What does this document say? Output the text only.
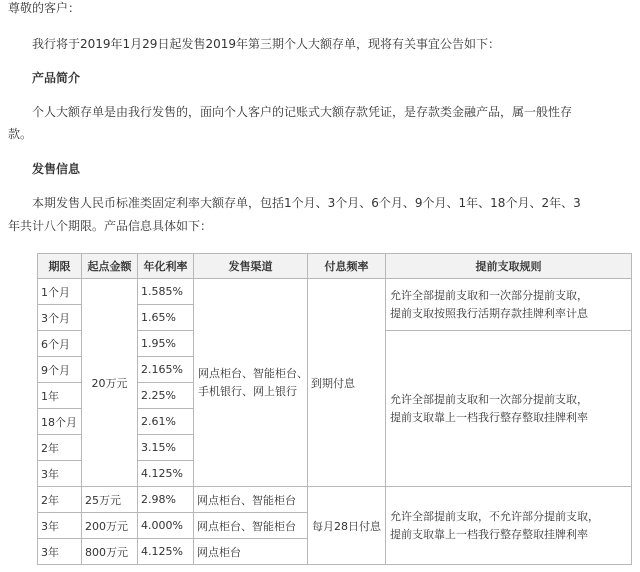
尊敬的客户：
我行将于2019年1月29日起发售2019年第三期个人大额存单，现将有关事宜公告如下：
产品简介
个人大额存单是由我行发售的，面向个人客户的记账式大额存款凭证，是存款类金融产品，属一般性存
款。
发售信息
本期发售人民币标准类固定利率大额存单，包括1个月、3个月、6个月、9个月、1年、18个月、2年、3
年共计八个期限。产品信息具体如下：
期限	起点金额	年化利率	发售渠道	付息频率	提前支取规则
1个月	20万元	1.585%	网点柜台、智能柜台、
手机银行、网上银行	到期付息	允许全部提前支取和一次部分提前支取，
提前支取按照我行活期存款挂牌利率计息

3个月		1.65%			
6个月		1.95%			允许全部提前支取和一次部分提前支取，
提前支取靠上一档我行整存整取挂牌利率

9个月		2.165%			
1年		2.25%			
18个月		2.61%			
2年		3.15%			
3年		4.125%			
2年	25万元	2.98%	网点柜台、智能柜台	每月28日付息	允许全部提前支取，不允许部分提前支取，
提前支取靠上一档我行整存整取挂牌利率

3年	200万元	4.000%	网点柜台、智能柜台		
3年	800万元	4.125%	网点柜台		
